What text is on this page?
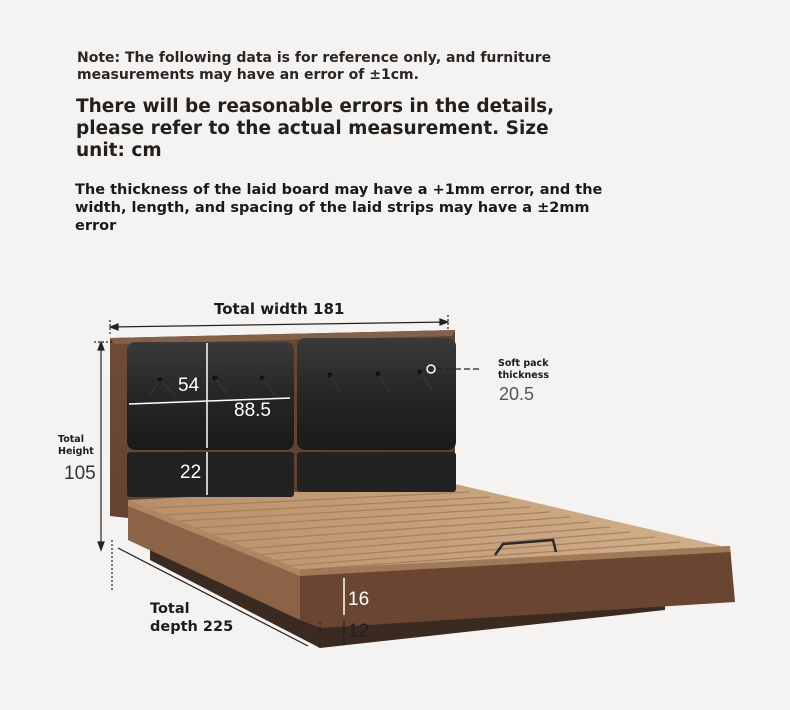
Note: The following data is for reference only, and furniture measurements may have an error of ±1cm.
There will be reasonable errors in the details, please refer to the actual measurement. Size unit: cm
The thickness of the laid board may have a +1mm error, and the width, length, and spacing of the laid strips may have a ±2mm error
Total width 181
Soft pack thickness
20.5
Total Height
105
54
88.5
22
Total depth 225
16
12
